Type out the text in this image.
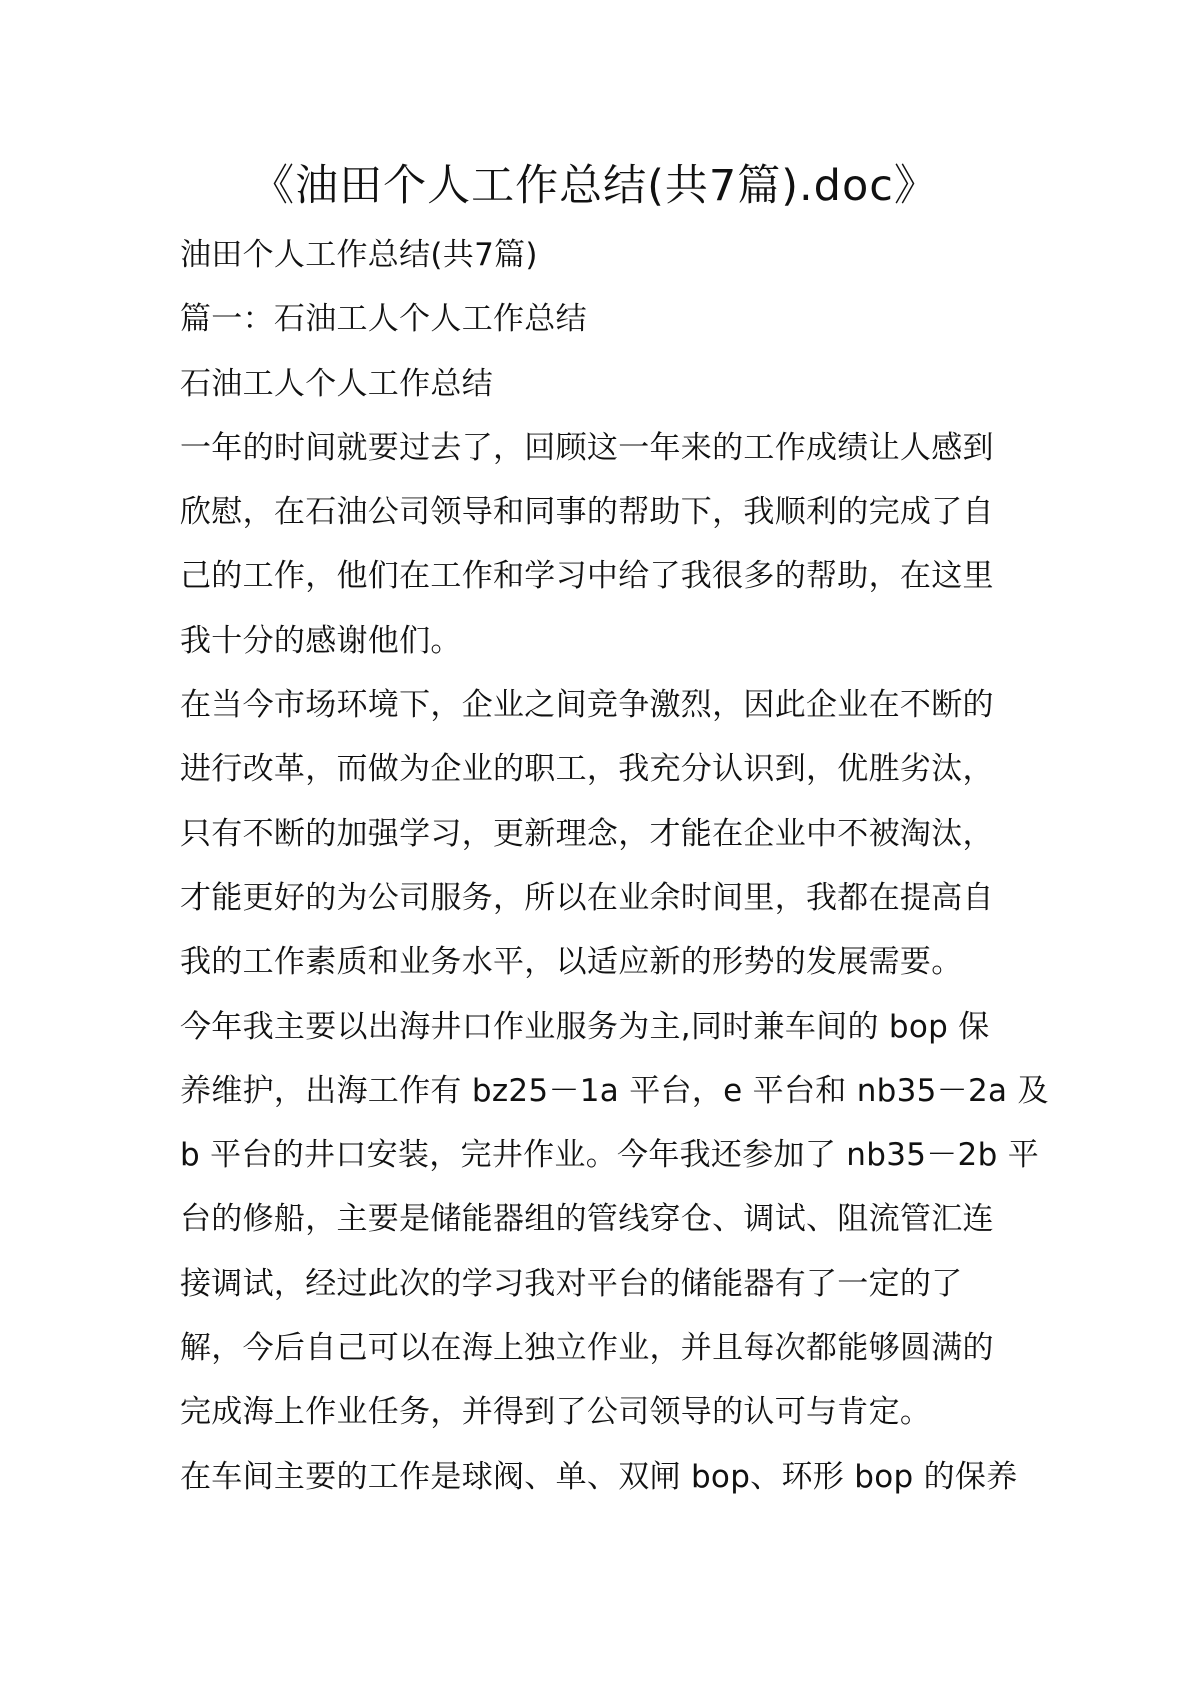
《油田个人工作总结(共7篇).doc》
油田个人工作总结(共7篇)
篇一：石油工人个人工作总结
石油工人个人工作总结
一年的时间就要过去了，回顾这一年来的工作成绩让人感到
欣慰，在石油公司领导和同事的帮助下，我顺利的完成了自
己的工作，他们在工作和学习中给了我很多的帮助，在这里
我十分的感谢他们。
在当今市场环境下，企业之间竞争激烈，因此企业在不断的
进行改革，而做为企业的职工，我充分认识到，优胜劣汰，
只有不断的加强学习，更新理念，才能在企业中不被淘汰，
才能更好的为公司服务，所以在业余时间里，我都在提高自
我的工作素质和业务水平，以适应新的形势的发展需要。
今年我主要以出海井口作业服务为主,同时兼车间的 bop 保
养维护，出海工作有 bz25－1a 平台，e 平台和 nb35－2a 及
b 平台的井口安装，完井作业。今年我还参加了 nb35－2b 平
台的修船，主要是储能器组的管线穿仓、调试、阻流管汇连
接调试，经过此次的学习我对平台的储能器有了一定的了
解，今后自己可以在海上独立作业，并且每次都能够圆满的
完成海上作业任务，并得到了公司领导的认可与肯定。
在车间主要的工作是球阀、单、双闸 bop、环形 bop 的保养
